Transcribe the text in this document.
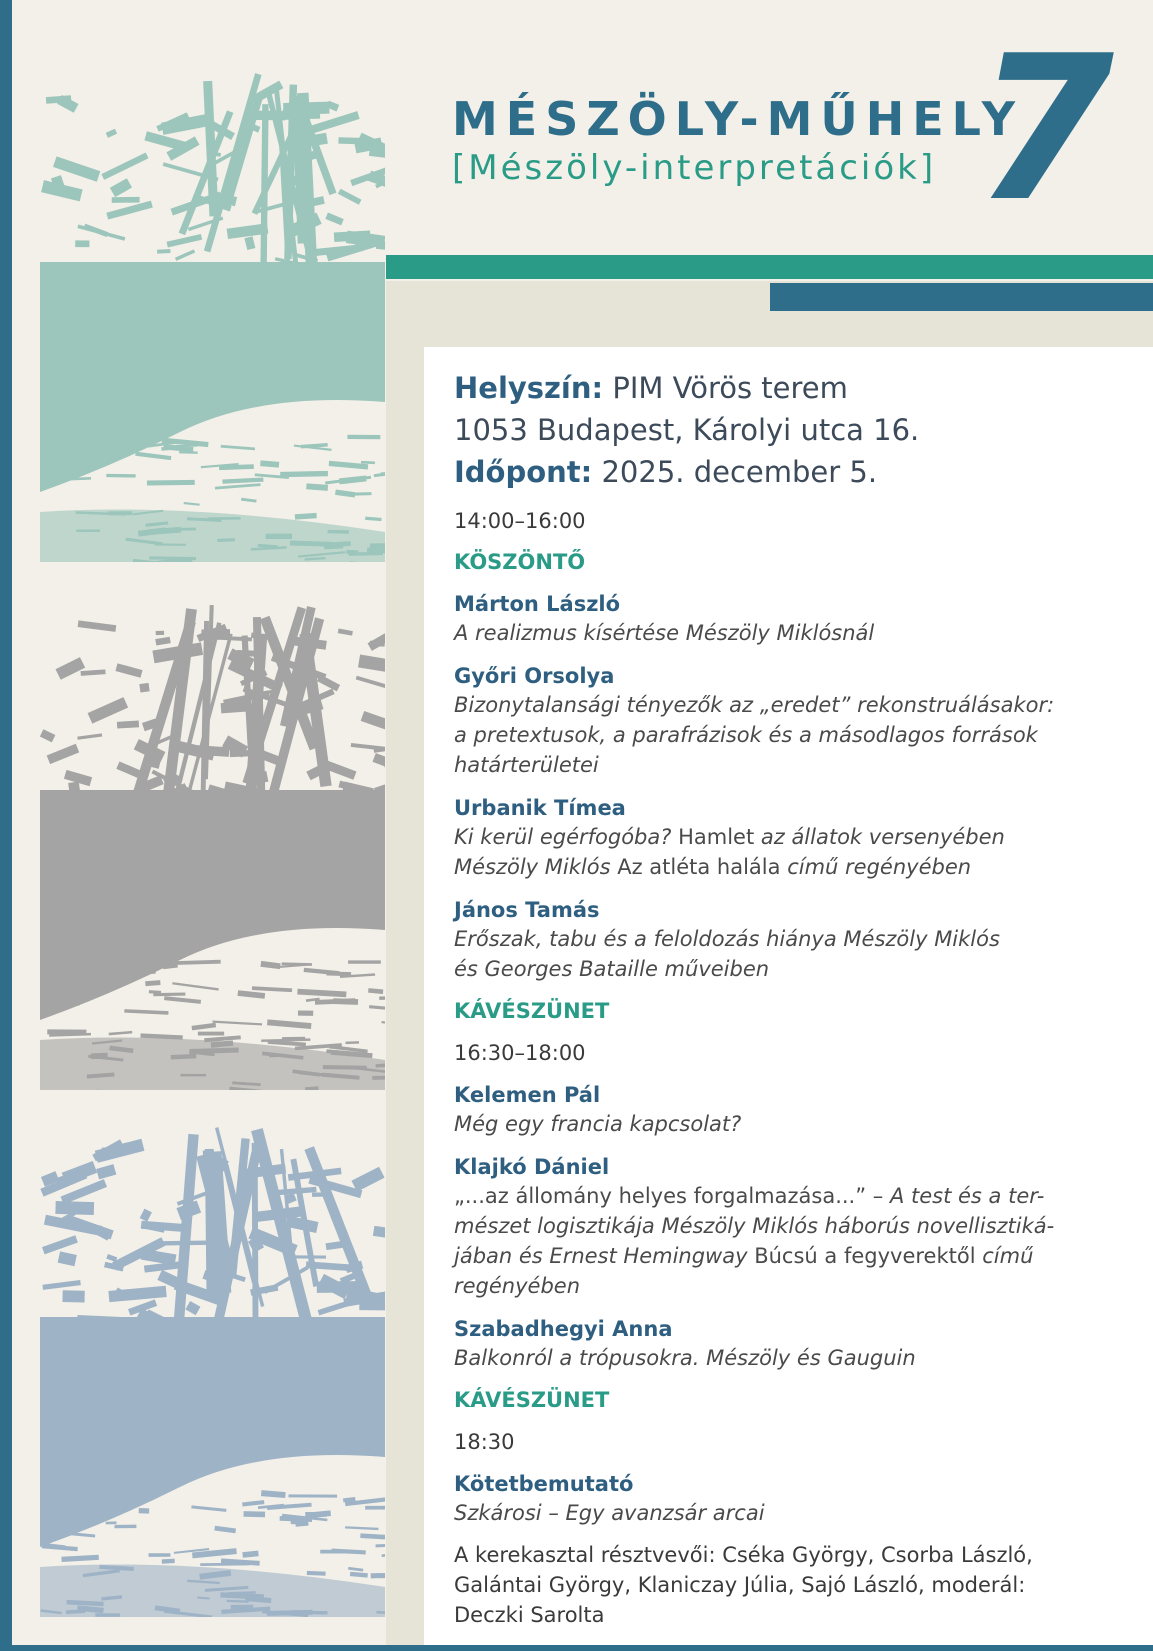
MÉSZÖLY-MŰHELY
[Mészöly-interpretációk] 7
Helyszín: PIM Vörös terem
1053 Budapest, Károlyi utca 16.
Időpont: 2025. december 5.
14:00–16:00
KÖSZÖNTŐ
Márton László
A realizmus kísértése Mészöly Miklósnál
Győri Orsolya
Bizonytalansági tényezők az „eredet” rekonstruálásakor:
a pretextusok, a parafrázisok és a másodlagos források
határterületei
Urbanik Tímea
Ki kerül egérfogóba? Hamlet az állatok versenyében
Mészöly Miklós Az atléta halála című regényében
János Tamás
Erőszak, tabu és a feloldozás hiánya Mészöly Miklós
és Georges Bataille műveiben
KÁVÉSZÜNET
16:30–18:00
Kelemen Pál
Még egy francia kapcsolat?
Klajkó Dániel
„...az állomány helyes forgalmazása...” – A test és a ter-
mészet logisztikája Mészöly Miklós háborús novellisztiká-
jában és Ernest Hemingway Búcsú a fegyverektől című
regényében
Szabadhegyi Anna
Balkonról a trópusokra. Mészöly és Gauguin
KÁVÉSZÜNET
18:30
Kötetbemutató
Szkárosi – Egy avanzsár arcai
A kerekasztal résztvevői: Cséka György, Csorba László,
Galántai György, Klaniczay Júlia, Sajó László, moderál:
Deczki Sarolta
